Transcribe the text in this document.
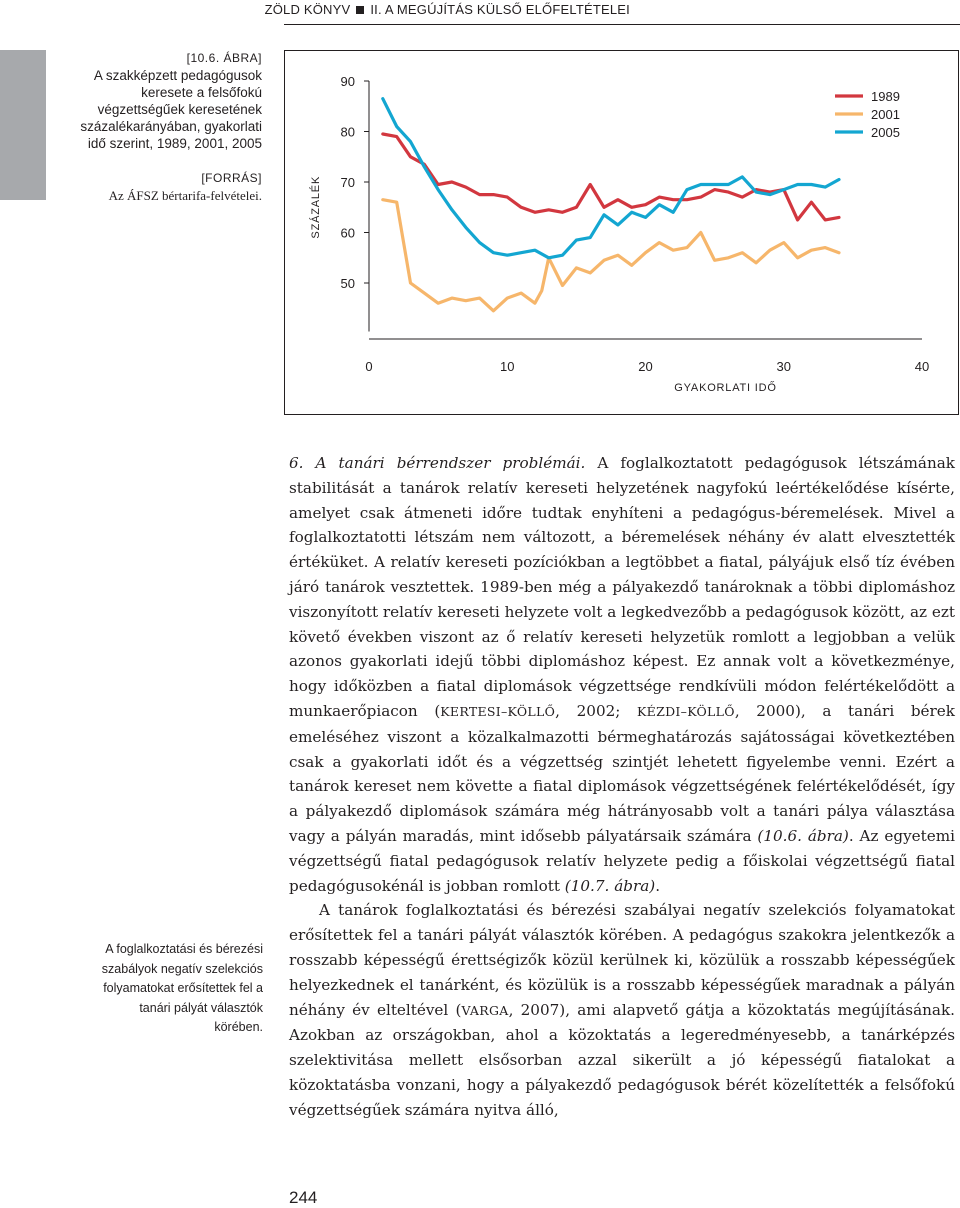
ZÖLD KÖNYV II. A MEGÚJÍTÁS KÜLSŐ ELŐFELTÉTELEI
[10.6. ÁBRA]
A szakképzett pedagógusok keresete a felsőfokú végzettségűek keresetének százalékarányában, gyakorlati idő szerint, 1989, 2001, 2005
[FORRÁS]
Az ÁFSZ bértarifa-felvételei.
50
60
70
80
90
SZÁZALÉK
0	10	20	30	40
GYAKORLATI IDŐ
1989
2001
2005
A foglalkoztatási és bérezési szabályok negatív szelekciós folyamatokat erősítettek fel a tanári pályát választók körében.

6. A tanári bérrendszer problémái. A foglalkoztatott pedagógusok létszámának stabilitását a tanárok relatív kereseti helyzetének nagyfokú leértékelődése kísérte, amelyet csak átmeneti időre tudtak enyhíteni a pedagógus-béremelések. Mivel a foglalkoztatotti létszám nem változott, a béremelések néhány év alatt elvesztették értéküket. A relatív kereseti pozíciókban a legtöbbet a fiatal, pályájuk első tíz évében járó tanárok vesztettek. 1989-ben még a pályakezdő tanároknak a többi diplomáshoz viszonyított relatív kereseti helyzete volt a legkedvezőbb a pedagógusok között, az ezt követő években viszont az ő relatív kereseti helyzetük romlott a legjobban a velük azonos gyakorlati idejű többi diplomáshoz képest. Ez annak volt a következménye, hogy időközben a fiatal diplomások végzettsége rendkívüli módon felértékelődött a munkaerőpiacon (KERTESI–KÖLLŐ, 2002; KÉZDI–KÖLLŐ, 2000), a tanári bérek emeléséhez viszont a közalkalmazotti bérmeghatározás sajátosságai következtében csak a gyakorlati időt és a végzettség szintjét lehetett figyelembe venni. Ezért a tanárok kereset nem követte a fiatal diplomások végzettségének felértékelődését, így a pályakezdő diplomások számára még hátrányosabb volt a tanári pálya választása vagy a pályán maradás, mint idősebb pályatársaik számára (10.6. ábra). Az egyetemi végzettségű fiatal pedagógusok relatív helyzete pedig a főiskolai végzettségű fiatal pedagógusokénál is jobban romlott (10.7. ábra).

A tanárok foglalkoztatási és bérezési szabályai negatív szelekciós folyamatokat erősítettek fel a tanári pályát választók körében. A pedagógus szakokra jelentkezők a rosszabb képességű érettségizők közül kerülnek ki, közülük a rosszabb képességűek helyezkednek el tanárként, és közülük is a rosszabb képességűek maradnak a pályán néhány év elteltével (VARGA, 2007), ami alapvető gátja a közoktatás megújításának. Azokban az országokban, ahol a közoktatás a legeredményesebb, a tanárképzés szelektivitása mellett elsősorban azzal sikerült a jó képességű fiatalokat a közoktatásba vonzani, hogy a pályakezdő pedagógusok bérét közelítették a felsőfokú végzettségűek számára nyitva álló,

244
